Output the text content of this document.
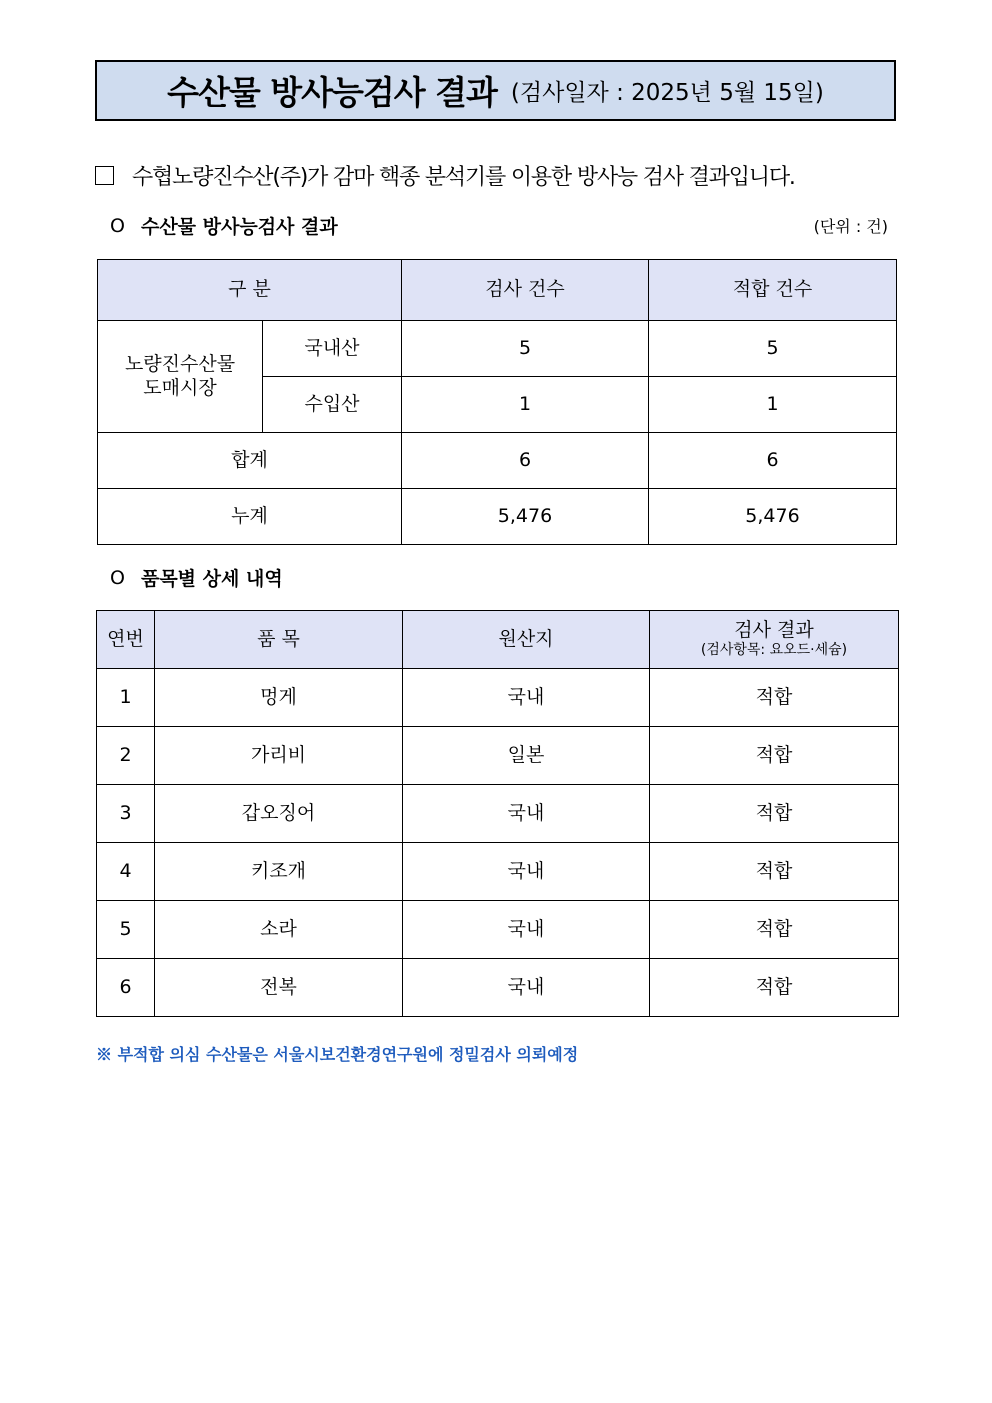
수산물 방사능검사 결과 (검사일자 : 2025년 5월 15일)
수협노량진수산(주)가 감마 핵종 분석기를 이용한 방사능 검사 결과입니다.
O 수산물 방사능검사 결과	(단위 : 건)
구 분		검사 건수	적합 건수
노량진수산물
도매시장	국내산	5	5
	수입산	1	1
합계		6	6
누계		5,476	5,476
O 품목별 상세 내역
연번	품 목	원산지	검사 결과
(검사항목: 요오드·세슘)

1	멍게	국내	적합
2	가리비	일본	적합
3	갑오징어	국내	적합
4	키조개	국내	적합
5	소라	국내	적합
6	전복	국내	적합
※ 부적합 의심 수산물은 서울시보건환경연구원에 정밀검사 의뢰예정
